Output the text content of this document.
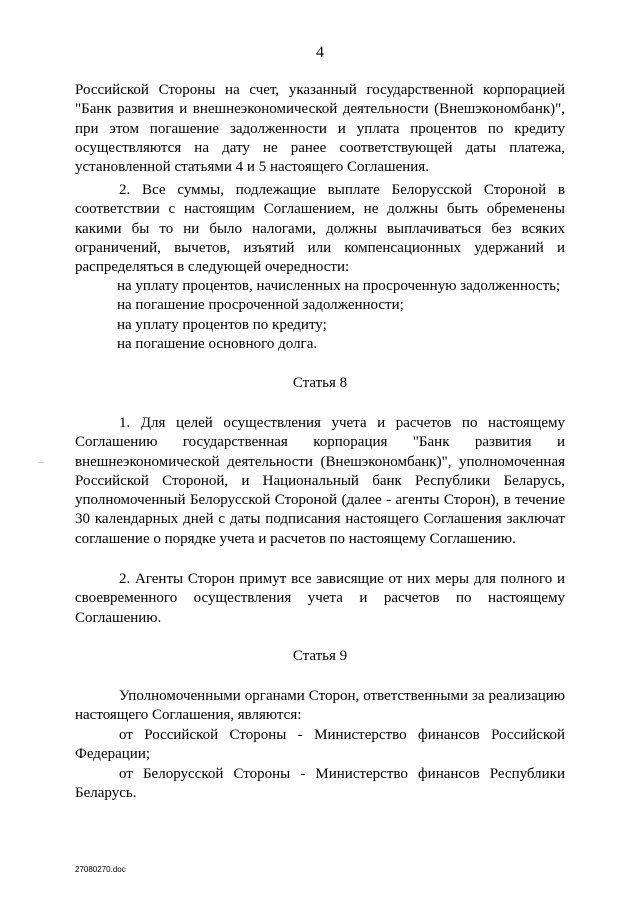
4

Российской Стороны на счет, указанный государственной корпорацией "Банк развития и внешнеэкономической деятельности (Внешэкономбанк)", при этом погашение задолженности и уплата процентов по кредиту осуществляются на дату не ранее соответствующей даты платежа, установленной статьями 4 и 5 настоящего Соглашения.

2. Все суммы, подлежащие выплате Белорусской Стороной в соответствии с настоящим Соглашением, не должны быть обременены какими бы то ни было налогами, должны выплачиваться без всяких ограничений, вычетов, изъятий или компенсационных удержаний и распределяться в следующей очередности:

на уплату процентов, начисленных на просроченную задолженность;
на погашение просроченной задолженности;
на уплату процентов по кредиту;
на погашение основного долга.
Статья 8

1. Для целей осуществления учета и расчетов по настоящему Соглашению государственная корпорация "Банк развития и внешнеэкономической деятельности (Внешэкономбанк)", уполномоченная Российской Стороной, и Национальный банк Республики Беларусь, уполномоченный Белорусской Стороной (далее - агенты Сторон), в течение 30 календарных дней с даты подписания настоящего Соглашения заключат соглашение о порядке учета и расчетов по настоящему Соглашению.

2. Агенты Сторон примут все зависящие от них меры для полного и своевременного осуществления учета и расчетов по настоящему Соглашению.

Статья 9

Уполномоченными органами Сторон, ответственными за реализацию настоящего Соглашения, являются:

от Российской Стороны - Министерство финансов Российской Федерации;

от Белорусской Стороны - Министерство финансов Республики Беларусь.

...
27080270.doc
